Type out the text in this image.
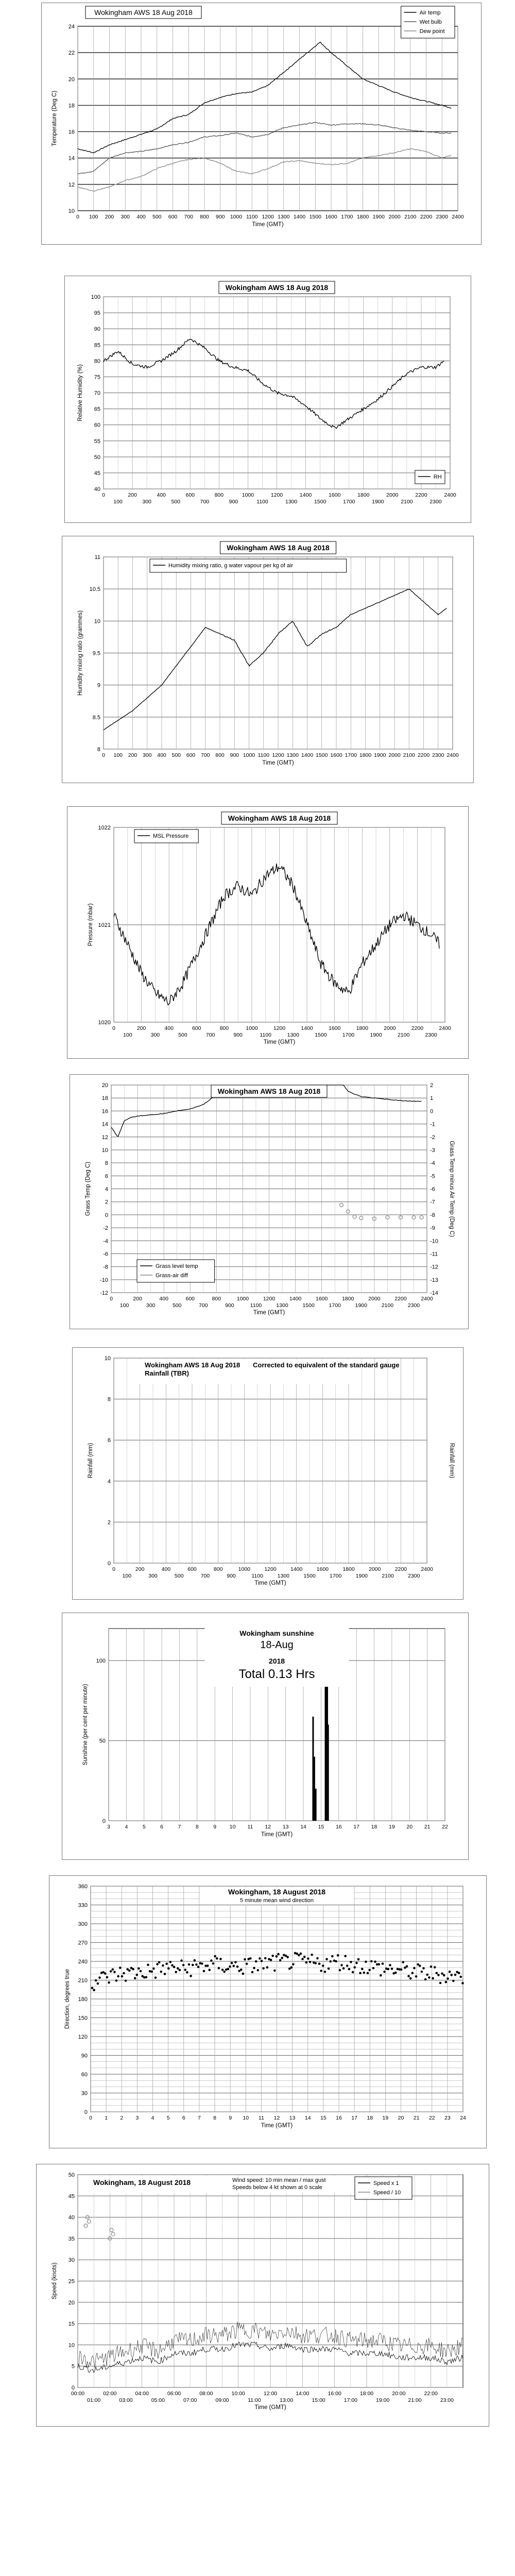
10
12
14
16
18
20
22
24
0 100 200 300 400 500 600 700 800 900 1000 1100 1200 1300 1400 1500 1600 1700 1800 1900 2000 2100 2200 2300 2400
Time (GMT)
Temperature (Deg C)
Wokingham AWS 18 Aug 2018	Air temp
Wet bulb
Dew point
40
45
50
55
60
65
70
75
80
85
90
95
100
0	200	400	600	800	1000	1200	1400	1600	1800	2000	2200	2400
100	300	500	700	900	1100	1300	1500	1700	1900	2100	2300
Relative Humidity (%)
Wokingham AWS 18 Aug 2018
RH
8
8.5
9
9.5
10
10.5
11
0 100 200 300 400 500 600 700 800 900 1000 1100 1200 1300 1400 1500 1600 1700 1800 1900 2000 2100 2200 2300 2400
Time (GMT)
Humidity mixing ratio (grammes)
Wokingham AWS 18 Aug 2018
Humidity mixing ratio, g water vapour per kg of air
1020
1021
1022
0	200	400	600	800	1000	1200	1400	1600	1800	2000	2200	2400
100	300	500	700	900	1100	1300	1500	1700	1900	2100	2300
Time (GMT)
Pressure (mbar)
Wokingham AWS 18 Aug 2018
MSL Pressure
-12
-10
-8
-6
-4
-2
0
2
4
6
8
10
12
14
16
18
20
-14
-13
-12
-11
-10
-9
-8
-7
-6
-5
-4
-3
-2
-1
0
1
2
0	200	400	600	800	1000	1200	1400	1600	1800	2000	2200	2400
100	300	500	700	900	1100	1300	1500	1700	1900	2100	2300
Time (GMT)
Grass Temp (Deg C)	Grass Temp minus Air Temp (Deg C)
Wokingham AWS 18 Aug 2018
Grass level temp
Grass-air diff
0
2
4
6
8
10
0	200	400	600	800	1000	1200	1400	1600	1800	2000	2200	2400
100	300	500	700	900	1100	1300	1500	1700	1900	2100	2300
Time (GMT)
Rainfall (mm)	Rainfall (mm)
Wokingham AWS 18 Aug 2018
Rainfall (TBR)
Corrected to equivalent of the standard gauge
0
50
100
3	4	5	6	7	8	9 10 11 12 13 14 15 16 17 18 19 20 21 22
Time (GMT)
Sunshine (per cent per minute)
Wokingham sunshine
18-Aug
2018
Total 0.13 Hrs
0
30
60
90
120
150
180
210
240
270
300
330
360
0 1 2 3 4 5 6 7 8 9 10 11 12 13 14 15 16 17 18 19 20 21 22 23 24
Time (GMT)
Direction, degrees true
Wokingham, 18 August 2018
5 minute mean wind direction
0
5
10
15
20
25
30
35
40
45
50
00:00	02:00	04:00	06:00	08:00	10:00	12:00	14:00	16:00	18:00	20:00	22:00
01:00	03:00	05:00	07:00	09:00	11:00	13:00	15:00	17:00	19:00	21:00	23:00
Time (GMT)
Speed (knots)
Wokingham, 18 August 2018	Wind speed: 10 min mean / max gust
Speeds below 4 kt shown at 0 scale
Speed x 1
Speed / 10
